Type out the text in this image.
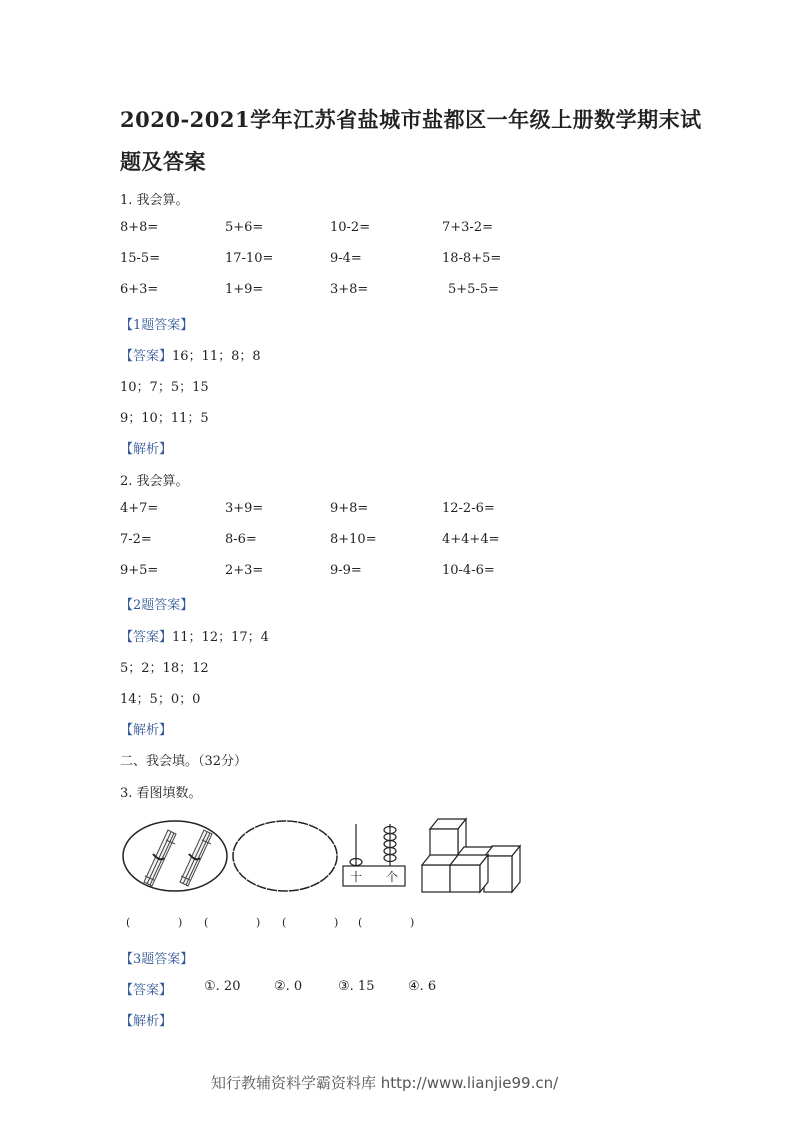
2020-2021学年江苏省盐城市盐都区一年级上册数学期末试
题及答案
1. 我会算。
8+8=	5+6=	10-2=	7+3-2=
15-5=	17-10=	9-4=	18-8+5=
6+3=	1+9=	3+8=	5+5-5=
【1题答案】
【答案】16；11；8；8
10；7；5；15
9；10；11；5
【解析】
2. 我会算。
4+7=	3+9=	9+8=	12-2-6=
7-2=	8-6=	8+10=	4+4+4=
9+5=	2+3=	9-9=	10-4-6=
【2题答案】
【答案】11；12；17；4
5；2；18；12
14；5；0；0
【解析】
二、我会填。（32分）
3. 看图填数。
十 个
(	) (	) (	) (	)
【3题答案】
【答案】 ①. 20	②. 0	③. 15	④. 6
【解析】
知行教辅资料学霸资料库 http://www.lianjie99.cn/
